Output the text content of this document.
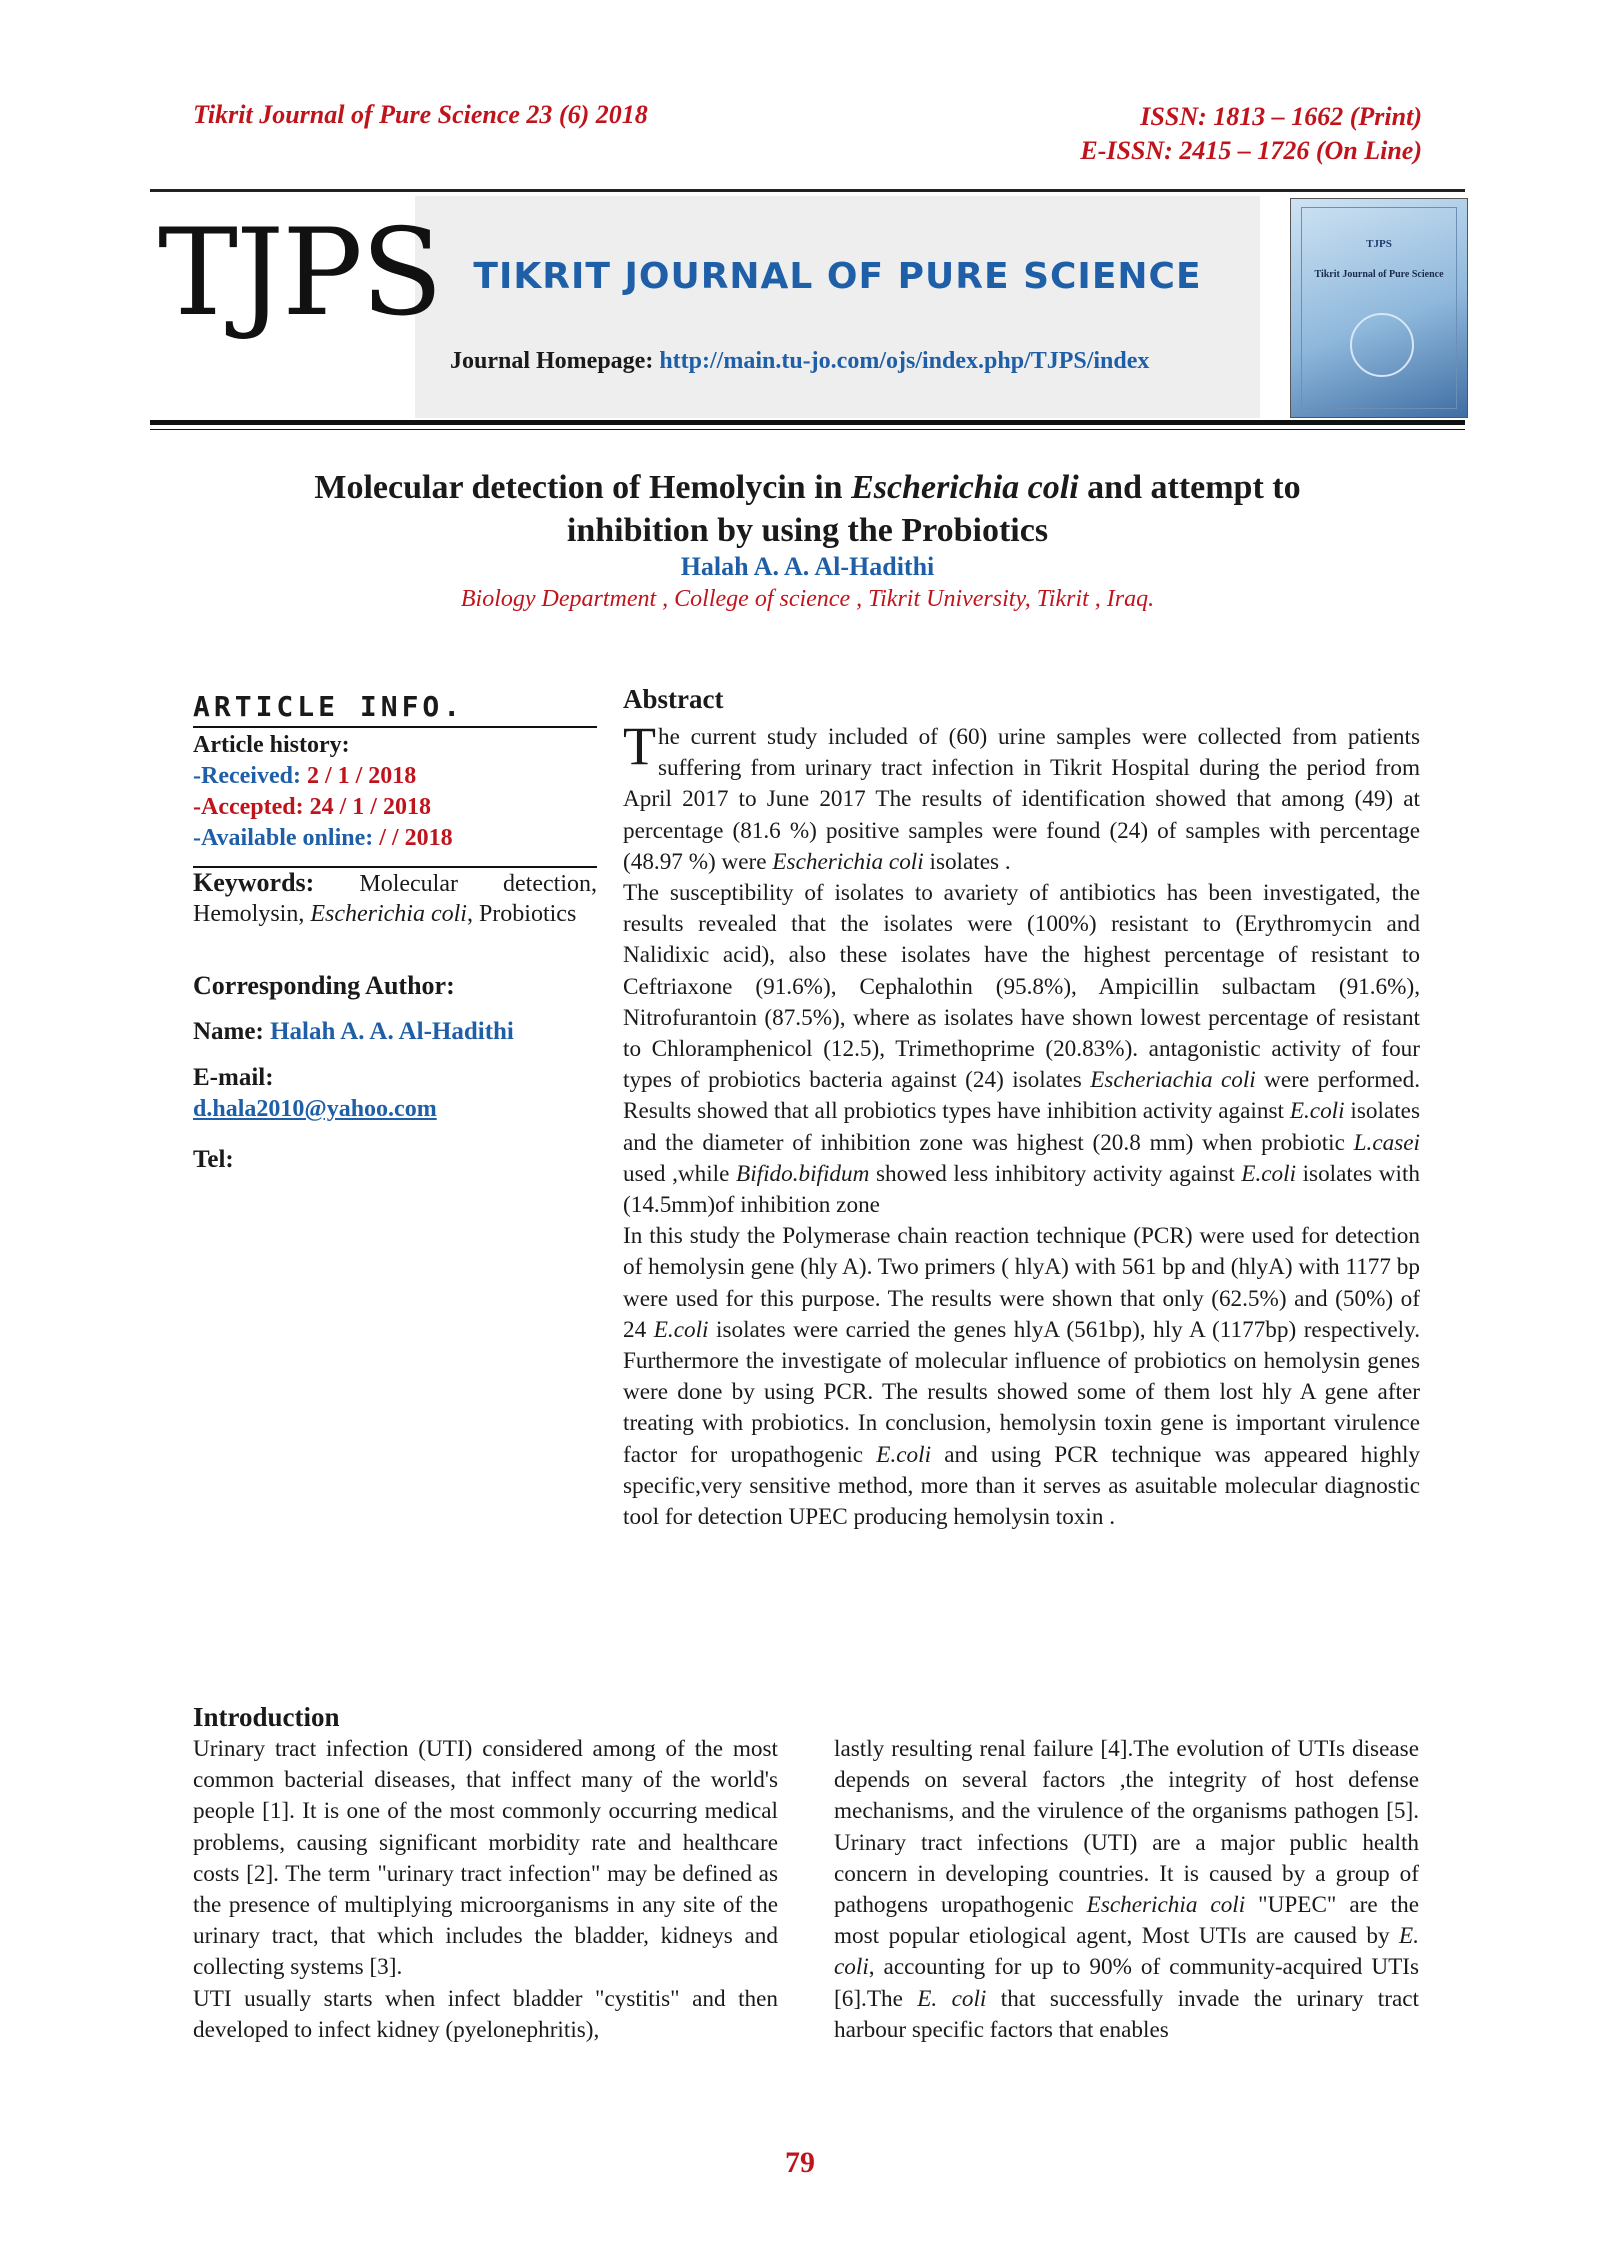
Tikrit Journal of Pure Science 23 (6) 2018	ISSN: 1813 – 1662 (Print)
E-ISSN: 2415 – 1726 (On Line)
TJPS TIKRIT JOURNAL OF PURE SCIENCE
Journal Homepage: http://main.tu-jo.com/ojs/index.php/TJPS/index
TJPS
Tikrit Journal of Pure Science
Molecular detection of Hemolycin in Escherichia coli and attempt to
inhibition by using the Probiotics
Halah A. A. Al-Hadithi
Biology Department , College of science , Tikrit University, Tikrit , Iraq.
ARTICLE INFO.
Article history:
-Received: 2 / 1 / 2018
-Accepted: 24 / 1 / 2018
-Available online: / / 2018
Keywords: Molecular detection, Hemolysin, Escherichia coli, Probiotics
Corresponding Author:
Name: Halah A. A. Al-Hadithi
E-mail:
d.hala2010@yahoo.com
Tel:
Abstract

The current study included of (60) urine samples were collected from patients suffering from urinary tract infection in Tikrit Hospital during the period from April 2017 to June 2017 The results of identification showed that among (49) at percentage (81.6 %) positive samples were found (24) of samples with percentage (48.97 %) were Escherichia coli isolates .

The susceptibility of isolates to avariety of antibiotics has been investigated, the results revealed that the isolates were (100%) resistant to (Erythromycin and Nalidixic acid), also these isolates have the highest percentage of resistant to Ceftriaxone (91.6%), Cephalothin (95.8%), Ampicillin sulbactam (91.6%), Nitrofurantoin (87.5%), where as isolates have shown lowest percentage of resistant to Chloramphenicol (12.5), Trimethoprime (20.83%). antagonistic activity of four types of probiotics bacteria against (24) isolates Escheriachia coli were performed. Results showed that all probiotics types have inhibition activity against E.coli isolates and the diameter of inhibition zone was highest (20.8 mm) when probiotic L.casei used ,while Bifido.bifidum showed less inhibitory activity against E.coli isolates with (14.5mm)of inhibition zone

In this study the Polymerase chain reaction technique (PCR) were used for detection of hemolysin gene (hly A). Two primers ( hlyA) with 561 bp and (hlyA) with 1177 bp were used for this purpose. The results were shown that only (62.5%) and (50%) of 24 E.coli isolates were carried the genes hlyA (561bp), hly A (1177bp) respectively. Furthermore the investigate of molecular influence of probiotics on hemolysin genes were done by using PCR. The results showed some of them lost hly A gene after treating with probiotics. In conclusion, hemolysin toxin gene is important virulence factor for uropathogenic E.coli and using PCR technique was appeared highly specific,very sensitive method, more than it serves as asuitable molecular diagnostic tool for detection UPEC producing hemolysin toxin .

Introduction

Urinary tract infection (UTI) considered among of the most common bacterial diseases, that inffect many of the world's people [1]. It is one of the most commonly occurring medical problems, causing significant morbidity rate and healthcare costs [2]. The term "urinary tract infection" may be defined as the presence of multiplying microorganisms in any site of the urinary tract, that which includes the bladder, kidneys and collecting systems [3].

UTI usually starts when infect bladder "cystitis" and then developed to infect kidney (pyelonephritis),

lastly resulting renal failure [4].The evolution of UTIs disease depends on several factors ,the integrity of host defense mechanisms, and the virulence of the organisms pathogen [5]. Urinary tract infections (UTI) are a major public health concern in developing countries. It is caused by a group of pathogens uropathogenic Escherichia coli "UPEC" are the most popular etiological agent, Most UTIs are caused by E. coli, accounting for up to 90% of community-acquired UTIs [6].The E. coli that successfully invade the urinary tract harbour specific factors that enables

79
